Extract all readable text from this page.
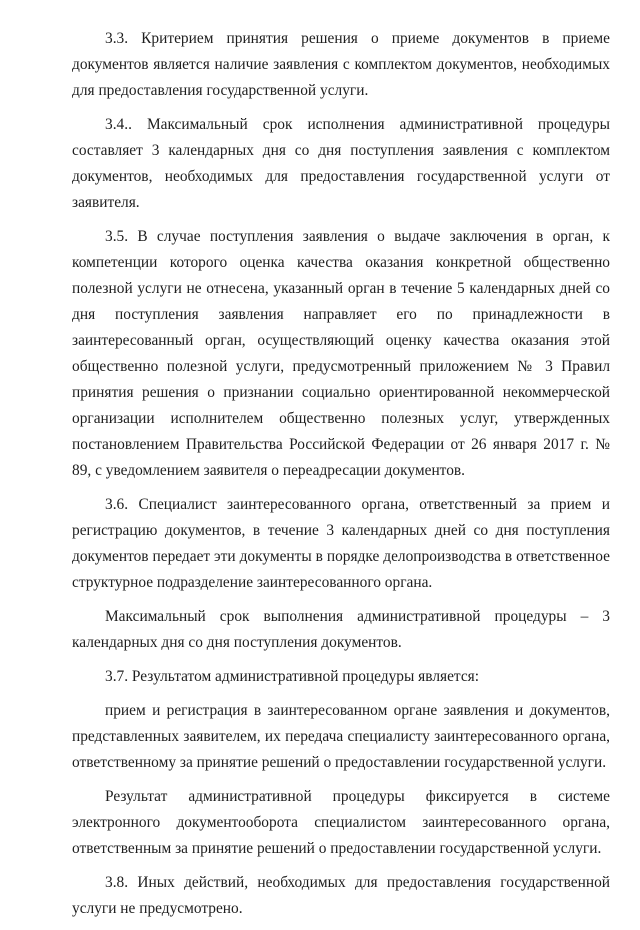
3.3. Критерием принятия решения о приеме документов в приеме документов является наличие заявления с комплектом документов, необходимых для предоставления государственной услуги.

3.4.. Максимальный срок исполнения административной процедуры составляет 3 календарных дня со дня поступления заявления с комплектом документов, необходимых для предоставления государственной услуги от заявителя.

3.5. В случае поступления заявления о выдаче заключения в орган, к компетенции которого оценка качества оказания конкретной общественно полезной услуги не отнесена, указанный орган в течение 5 календарных дней со дня поступления заявления направляет его по принадлежности в заинтересованный орган, осуществляющий оценку качества оказания этой общественно полезной услуги, предусмотренный приложением № 3 Правил принятия решения о признании социально ориентированной некоммерческой организации исполнителем общественно полезных услуг, утвержденных постановлением Правительства Российской Федерации от 26 января 2017 г. № 89, с уведомлением заявителя о переадресации документов.

3.6. Специалист заинтересованного органа, ответственный за прием и регистрацию документов, в течение 3 календарных дней со дня поступления документов передает эти документы в порядке делопроизводства в ответственное структурное подразделение заинтересованного органа.

Максимальный срок выполнения административной процедуры – 3 календарных дня со дня поступления документов.

3.7. Результатом административной процедуры является:

прием и регистрация в заинтересованном органе заявления и документов, представленных заявителем, их передача специалисту заинтересованного органа, ответственному за принятие решений о предоставлении государственной услуги.

Результат административной процедуры фиксируется в системе электронного документооборота специалистом заинтересованного органа, ответственным за принятие решений о предоставлении государственной услуги.

3.8. Иных действий, необходимых для предоставления государственной услуги не предусмотрено.
